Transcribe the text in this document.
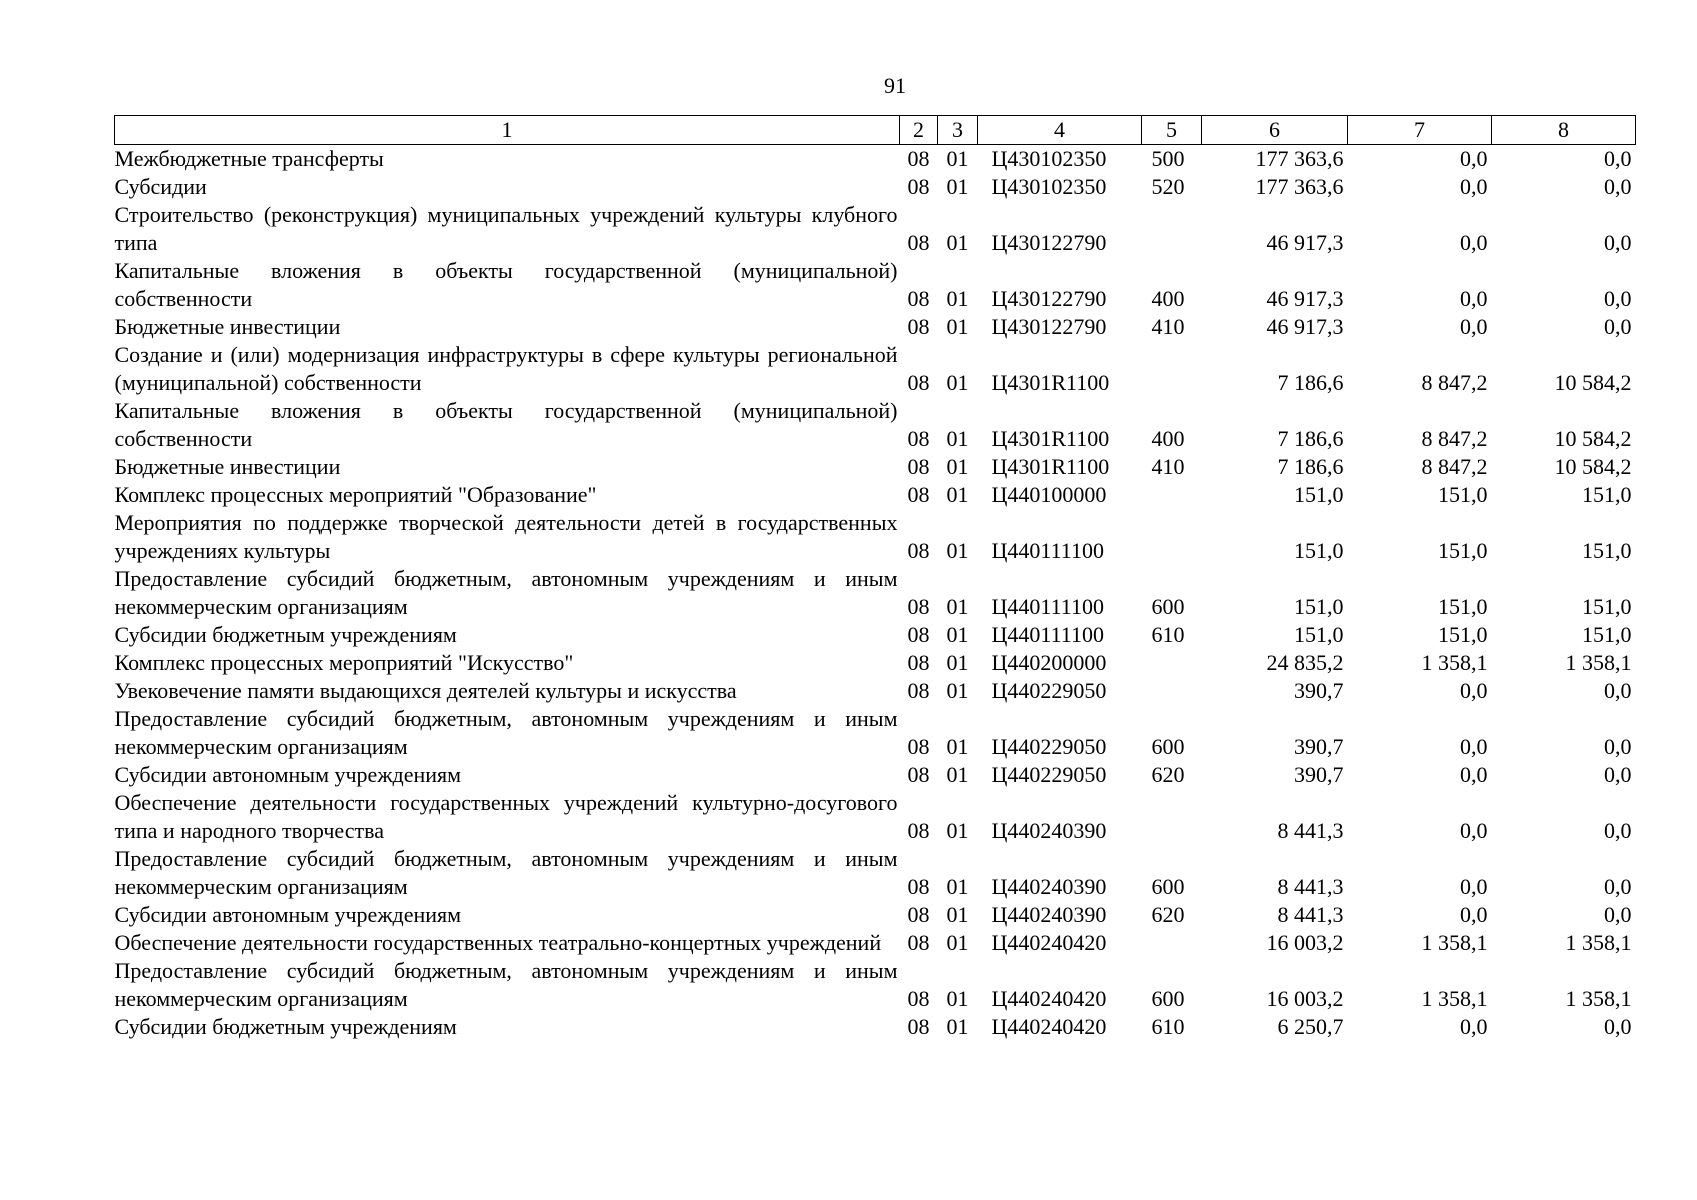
91
1	2	3	4	5	6	7	8
Межбюджетные трансферты	08	01	Ц430102350	500	177 363,6	0,0	0,0
Субсидии	08	01	Ц430102350	520	177 363,6	0,0	0,0
Строительство (реконструкция) муниципальных учреждений культуры клубного типа	08	01	Ц430122790		46 917,3	0,0	0,0
Капитальные вложения в объекты государственной (муниципальной) собственности	08	01	Ц430122790	400	46 917,3	0,0	0,0
Бюджетные инвестиции	08	01	Ц430122790	410	46 917,3	0,0	0,0
Создание и (или) модернизация инфраструктуры в сфере культуры региональной (муниципальной) собственности	08	01	Ц4301R1100		7 186,6	8 847,2	10 584,2
Капитальные вложения в объекты государственной (муниципальной) собственности	08	01	Ц4301R1100	400	7 186,6	8 847,2	10 584,2
Бюджетные инвестиции	08	01	Ц4301R1100	410	7 186,6	8 847,2	10 584,2
Комплекс процессных мероприятий "Образование"	08	01	Ц440100000		151,0	151,0	151,0
Мероприятия по поддержке творческой деятельности детей в государственных учреждениях культуры	08	01	Ц440111100		151,0	151,0	151,0
Предоставление субсидий бюджетным, автономным учреждениям и иным некоммерческим организациям	08	01	Ц440111100	600	151,0	151,0	151,0
Субсидии бюджетным учреждениям	08	01	Ц440111100	610	151,0	151,0	151,0
Комплекс процессных мероприятий "Искусство"	08	01	Ц440200000		24 835,2	1 358,1	1 358,1
Увековечение памяти выдающихся деятелей культуры и искусства	08	01	Ц440229050		390,7	0,0	0,0
Предоставление субсидий бюджетным, автономным учреждениям и иным некоммерческим организациям	08	01	Ц440229050	600	390,7	0,0	0,0
Субсидии автономным учреждениям	08	01	Ц440229050	620	390,7	0,0	0,0
Обеспечение деятельности государственных учреждений культурно-досугового типа и народного творчества	08	01	Ц440240390		8 441,3	0,0	0,0
Предоставление субсидий бюджетным, автономным учреждениям и иным некоммерческим организациям	08	01	Ц440240390	600	8 441,3	0,0	0,0
Субсидии автономным учреждениям	08	01	Ц440240390	620	8 441,3	0,0	0,0
Обеспечение деятельности государственных театрально-концертных учреждений	08	01	Ц440240420		16 003,2	1 358,1	1 358,1
Предоставление субсидий бюджетным, автономным учреждениям и иным некоммерческим организациям	08	01	Ц440240420	600	16 003,2	1 358,1	1 358,1
Субсидии бюджетным учреждениям	08	01	Ц440240420	610	6 250,7	0,0	0,0
